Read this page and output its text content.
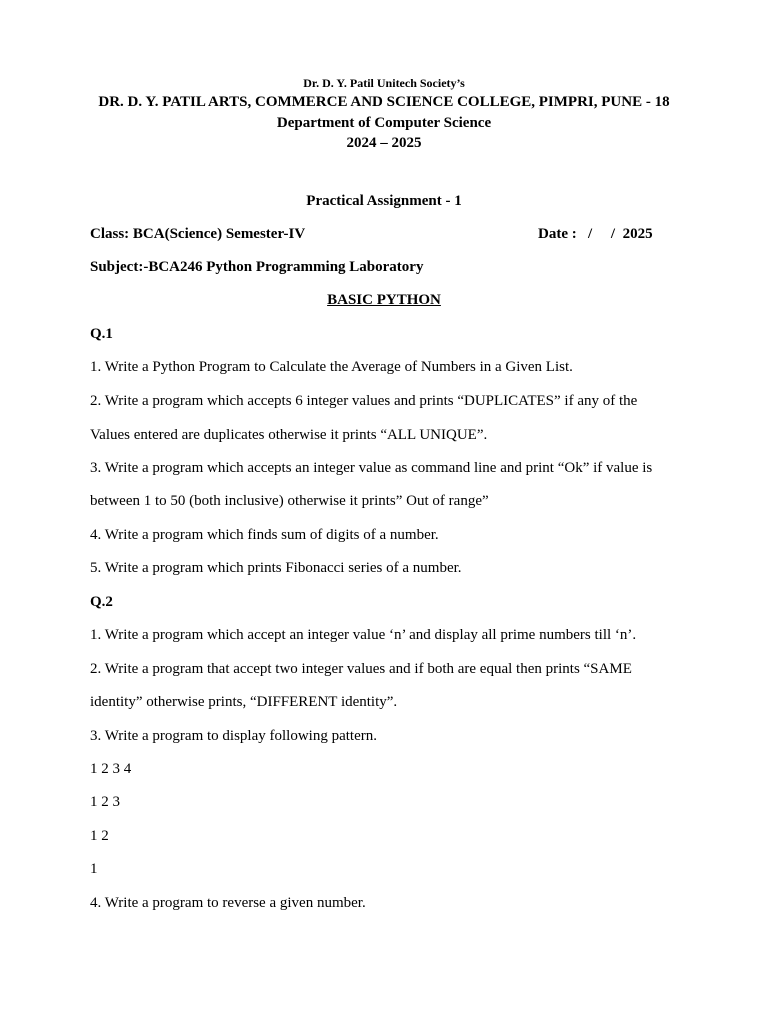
Dr. D. Y. Patil Unitech Society’s
DR. D. Y. PATIL ARTS, COMMERCE AND SCIENCE COLLEGE, PIMPRI, PUNE - 18
Department of Computer Science
2024 – 2025
Practical Assignment - 1
Class: BCA(Science) Semester-IV	Date :   /     /  2025
Subject:-BCA246 Python Programming Laboratory
BASIC PYTHON
Q.1
1. Write a Python Program to Calculate the Average of Numbers in a Given List.
2. Write a program which accepts 6 integer values and prints “DUPLICATES” if any of the
Values entered are duplicates otherwise it prints “ALL UNIQUE”.
3. Write a program which accepts an integer value as command line and print “Ok” if value is
between 1 to 50 (both inclusive) otherwise it prints” Out of range”
4. Write a program which finds sum of digits of a number.
5. Write a program which prints Fibonacci series of a number.
Q.2
1. Write a program which accept an integer value ‘n’ and display all prime numbers till ‘n’.
2. Write a program that accept two integer values and if both are equal then prints “SAME
identity” otherwise prints, “DIFFERENT identity”.
3. Write a program to display following pattern.
1 2 3 4
1 2 3
1 2
1
4. Write a program to reverse a given number.
